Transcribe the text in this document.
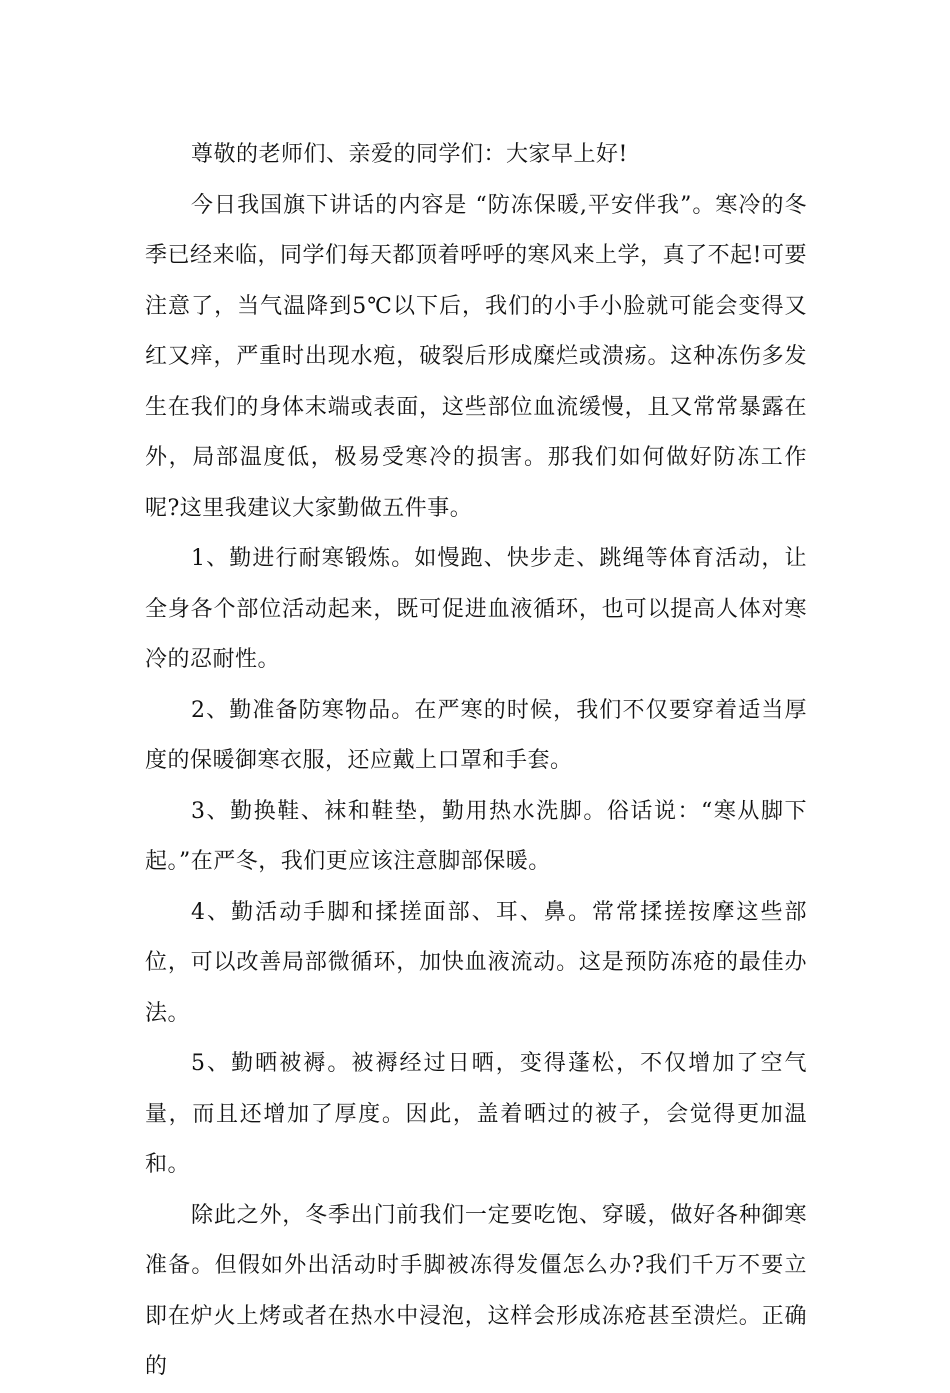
尊敬的老师们、亲爱的同学们：大家早上好!

今日我国旗下讲话的内容是 “防冻保暖,平安伴我”。寒冷的冬季已经来临，同学们每天都顶着呼呼的寒风来上学，真了不起!可要注意了，当气温降到5℃以下后，我们的小手小脸就可能会变得又红又痒，严重时出现水疱，破裂后形成糜烂或溃疡。这种冻伤多发生在我们的身体末端或表面，这些部位血流缓慢，且又常常暴露在外，局部温度低，极易受寒冷的损害。那我们如何做好防冻工作呢?这里我建议大家勤做五件事。

1、勤进行耐寒锻炼。如慢跑、快步走、跳绳等体育活动，让全身各个部位活动起来，既可促进血液循环，也可以提高人体对寒冷的忍耐性。

2、勤准备防寒物品。在严寒的时候，我们不仅要穿着适当厚度的保暖御寒衣服，还应戴上口罩和手套。

3、勤换鞋、袜和鞋垫，勤用热水洗脚。俗话说：“寒从脚下起。”在严冬，我们更应该注意脚部保暖。

4、勤活动手脚和揉搓面部、耳、鼻。常常揉搓按摩这些部位，可以改善局部微循环，加快血液流动。这是预防冻疮的最佳办法。

5、勤晒被褥。被褥经过日晒，变得蓬松，不仅增加了空气量，而且还增加了厚度。因此，盖着晒过的被子，会觉得更加温和。

除此之外，冬季出门前我们一定要吃饱、穿暖，做好各种御寒准备。但假如外出活动时手脚被冻得发僵怎么办?我们千万不要立即在炉火上烤或者在热水中浸泡，这样会形成冻疮甚至溃烂。正确的
